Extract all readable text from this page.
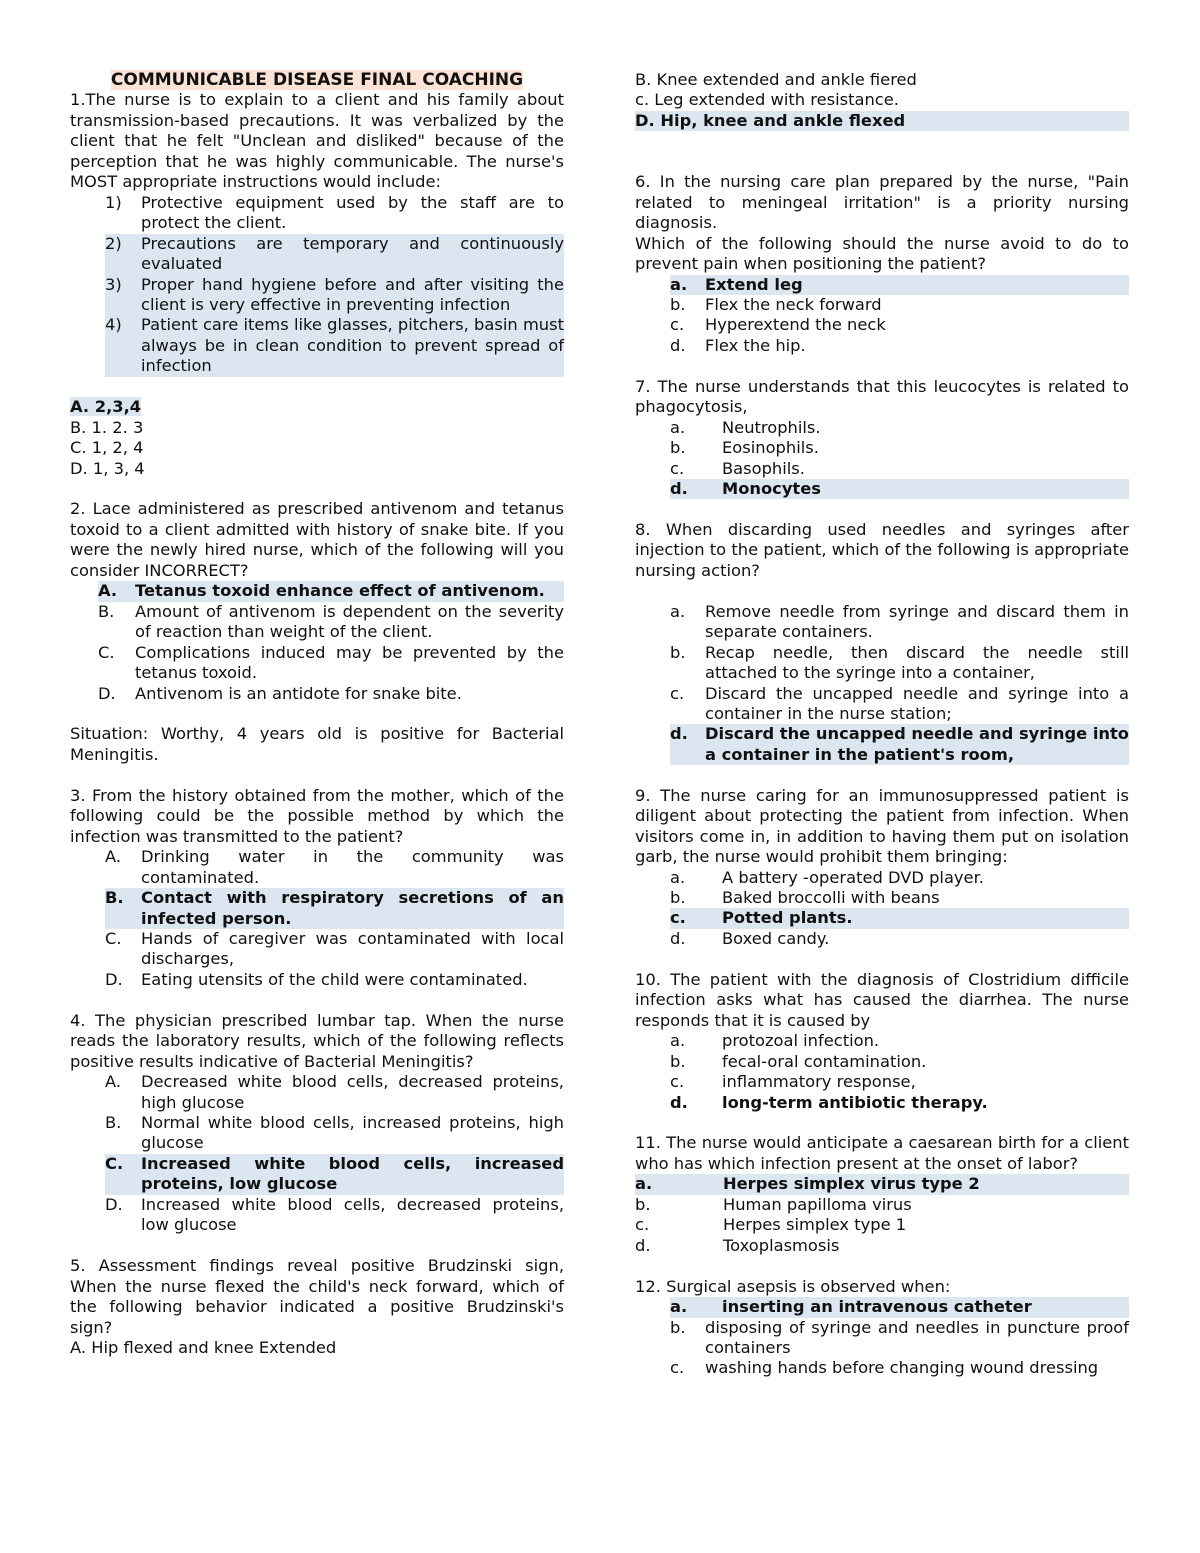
COMMUNICABLE DISEASE FINAL COACHING

1.The nurse is to explain to a client and his family about transmission-based precautions. It was verbalized by the client that he felt "Unclean and disliked" because of the perception that he was highly communicable. The nurse's MOST appropriate instructions would include:

1)	Protective equipment used by the staff are to protect the client.
2)	Precautions are temporary and continuously evaluated
3)	Proper hand hygiene before and after visiting the client is very effective in preventing infection
4)	Patient care items like glasses, pitchers, basin must always be in clean condition to prevent spread of infection

A. 2,3,4

B. 1. 2. 3

C. 1, 2, 4

D. 1, 3, 4

2. Lace administered as prescribed antivenom and tetanus toxoid to a client admitted with history of snake bite. If you were the newly hired nurse, which of the following will you consider INCORRECT?

A.	Tetanus toxoid enhance effect of antivenom.
B.	Amount of antivenom is dependent on the severity of reaction than weight of the client.
C.	Complications induced may be prevented by the tetanus toxoid.
D.	Antivenom is an antidote for snake bite.

Situation: Worthy, 4 years old is positive for Bacterial Meningitis.

3. From the history obtained from the mother, which of the following could be the possible method by which the infection was transmitted to the patient?

A.	Drinking water in the community was contaminated.
B.	Contact with respiratory secretions of an infected person.
C.	Hands of caregiver was contaminated with local discharges,
D.	Eating utensits of the child were contaminated.

4. The physician prescribed lumbar tap. When the nurse reads the laboratory results, which of the following reflects positive results indicative of Bacterial Meningitis?

A.	Decreased white blood cells, decreased proteins, high glucose
B.	Normal white blood cells, increased proteins, high glucose
C.	Increased white blood cells, increased proteins, low glucose
D.	Increased white blood cells, decreased proteins, low glucose

5. Assessment findings reveal positive Brudzinski sign, When the nurse flexed the child's neck forward, which of the following behavior indicated a positive Brudzinski's sign?

A. Hip flexed and knee Extended

B. Knee extended and ankle fiered

c. Leg extended with resistance.

D. Hip, knee and ankle flexed

6. In the nursing care plan prepared by the nurse, "Pain related to meningeal irritation" is a priority nursing diagnosis.

Which of the following should the nurse avoid to do to prevent pain when positioning the patient?

a.	Extend leg
b.	Flex the neck forward
c.	Hyperextend the neck
d.	Flex the hip.

7. The nurse understands that this leucocytes is related to phagocytosis,

a.	Neutrophils.
b.	Eosinophils.
c.	Basophils.
d.	Monocytes

8. When discarding used needles and syringes after injection to the patient, which of the following is appropriate nursing action?

a.	Remove needle from syringe and discard them in separate containers.
b.	Recap needle, then discard the needle still attached to the syringe into a container,
c.	Discard the uncapped needle and syringe into a container in the nurse station;
d.	Discard the uncapped needle and syringe into a container in the patient's room,

9. The nurse caring for an immunosuppressed patient is diligent about protecting the patient from infection. When visitors come in, in addition to having them put on isolation garb, the nurse would prohibit them bringing:

a.	A battery -operated DVD player.
b.	Baked broccolli with beans
c.	Potted plants.
d.	Boxed candy.

10. The patient with the diagnosis of Clostridium difficile infection asks what has caused the diarrhea. The nurse responds that it is caused by

a.	protozoal infection.
b.	fecal-oral contamination.
c.	inflammatory response,
d.	long-term antibiotic therapy.

11. The nurse would anticipate a caesarean birth for a client who has which infection present at the onset of labor?

a.	Herpes simplex virus type 2
b.	Human papilloma virus
c.	Herpes simplex type 1
d.	Toxoplasmosis

12. Surgical asepsis is observed when:

a.	inserting an intravenous catheter
b.	disposing of syringe and needles in puncture proof containers
c.	washing hands before changing wound dressing
